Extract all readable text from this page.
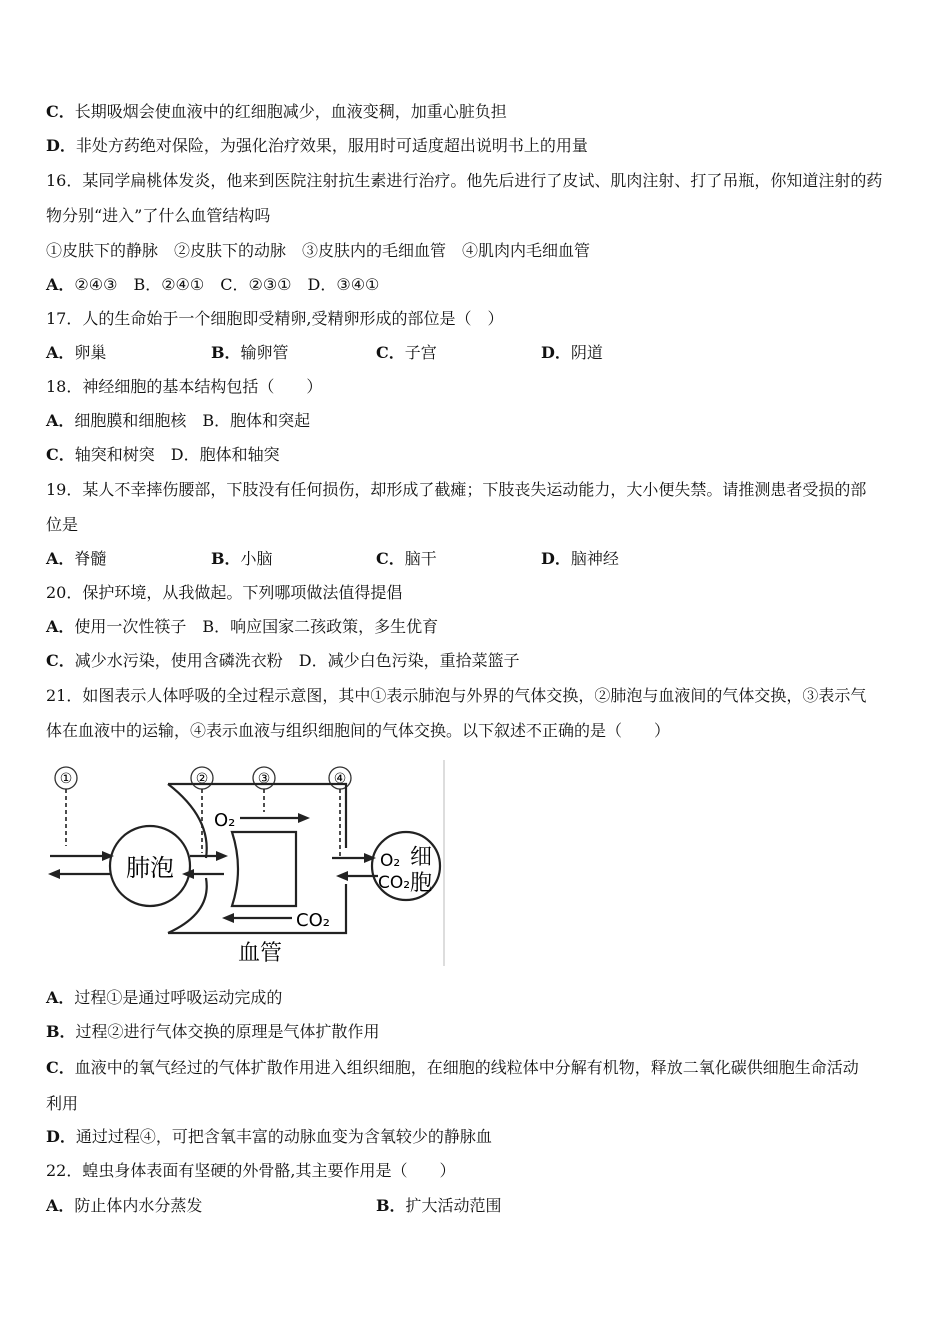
C．长期吸烟会使血液中的红细胞减少，血液变稠，加重心脏负担
D．非处方药绝对保险，为强化治疗效果，服用时可适度超出说明书上的用量
16．某同学扁桃体发炎，他来到医院注射抗生素进行治疗。他先后进行了皮试、肌肉注射、打了吊瓶，你知道注射的药
物分别“进入”了什么血管结构吗
①皮肤下的静脉　②皮肤下的动脉　③皮肤内的毛细血管　④肌肉内毛细血管
A．②④③　B．②④①　C．②③①　D．③④①
17．人的生命始于一个细胞即受精卵,受精卵形成的部位是（　）
A．卵巢	B．输卵管	C．子宫	D．阴道
18．神经细胞的基本结构包括（　　）
A．细胞膜和细胞核　B．胞体和突起
C．轴突和树突　D．胞体和轴突
19．某人不幸摔伤腰部，下肢没有任何损伤，却形成了截瘫；下肢丧失运动能力，大小便失禁。请推测患者受损的部
位是
A．脊髓	B．小脑	C．脑干	D．脑神经
20．保护环境，从我做起。下列哪项做法值得提倡
A．使用一次性筷子　B．响应国家二孩政策，多生优育
C．减少水污染，使用含磷洗衣粉　D．减少白色污染，重拾菜篮子
21．如图表示人体呼吸的全过程示意图，其中①表示肺泡与外界的气体交换，②肺泡与血液间的气体交换，③表示气
体在血液中的运输，④表示血液与组织细胞间的气体交换。以下叙述不正确的是（　　）
①	②	③	④
肺泡
O₂
CO₂
O₂
CO₂
细
胞
血管
A．过程①是通过呼吸运动完成的
B．过程②进行气体交换的原理是气体扩散作用
C．血液中的氧气经过的气体扩散作用进入组织细胞，在细胞的线粒体中分解有机物，释放二氧化碳供细胞生命活动
利用
D．通过过程④，可把含氧丰富的动脉血变为含氧较少的静脉血
22．蝗虫身体表面有坚硬的外骨骼,其主要作用是（　　）
A．防止体内水分蒸发	B．扩大活动范围
